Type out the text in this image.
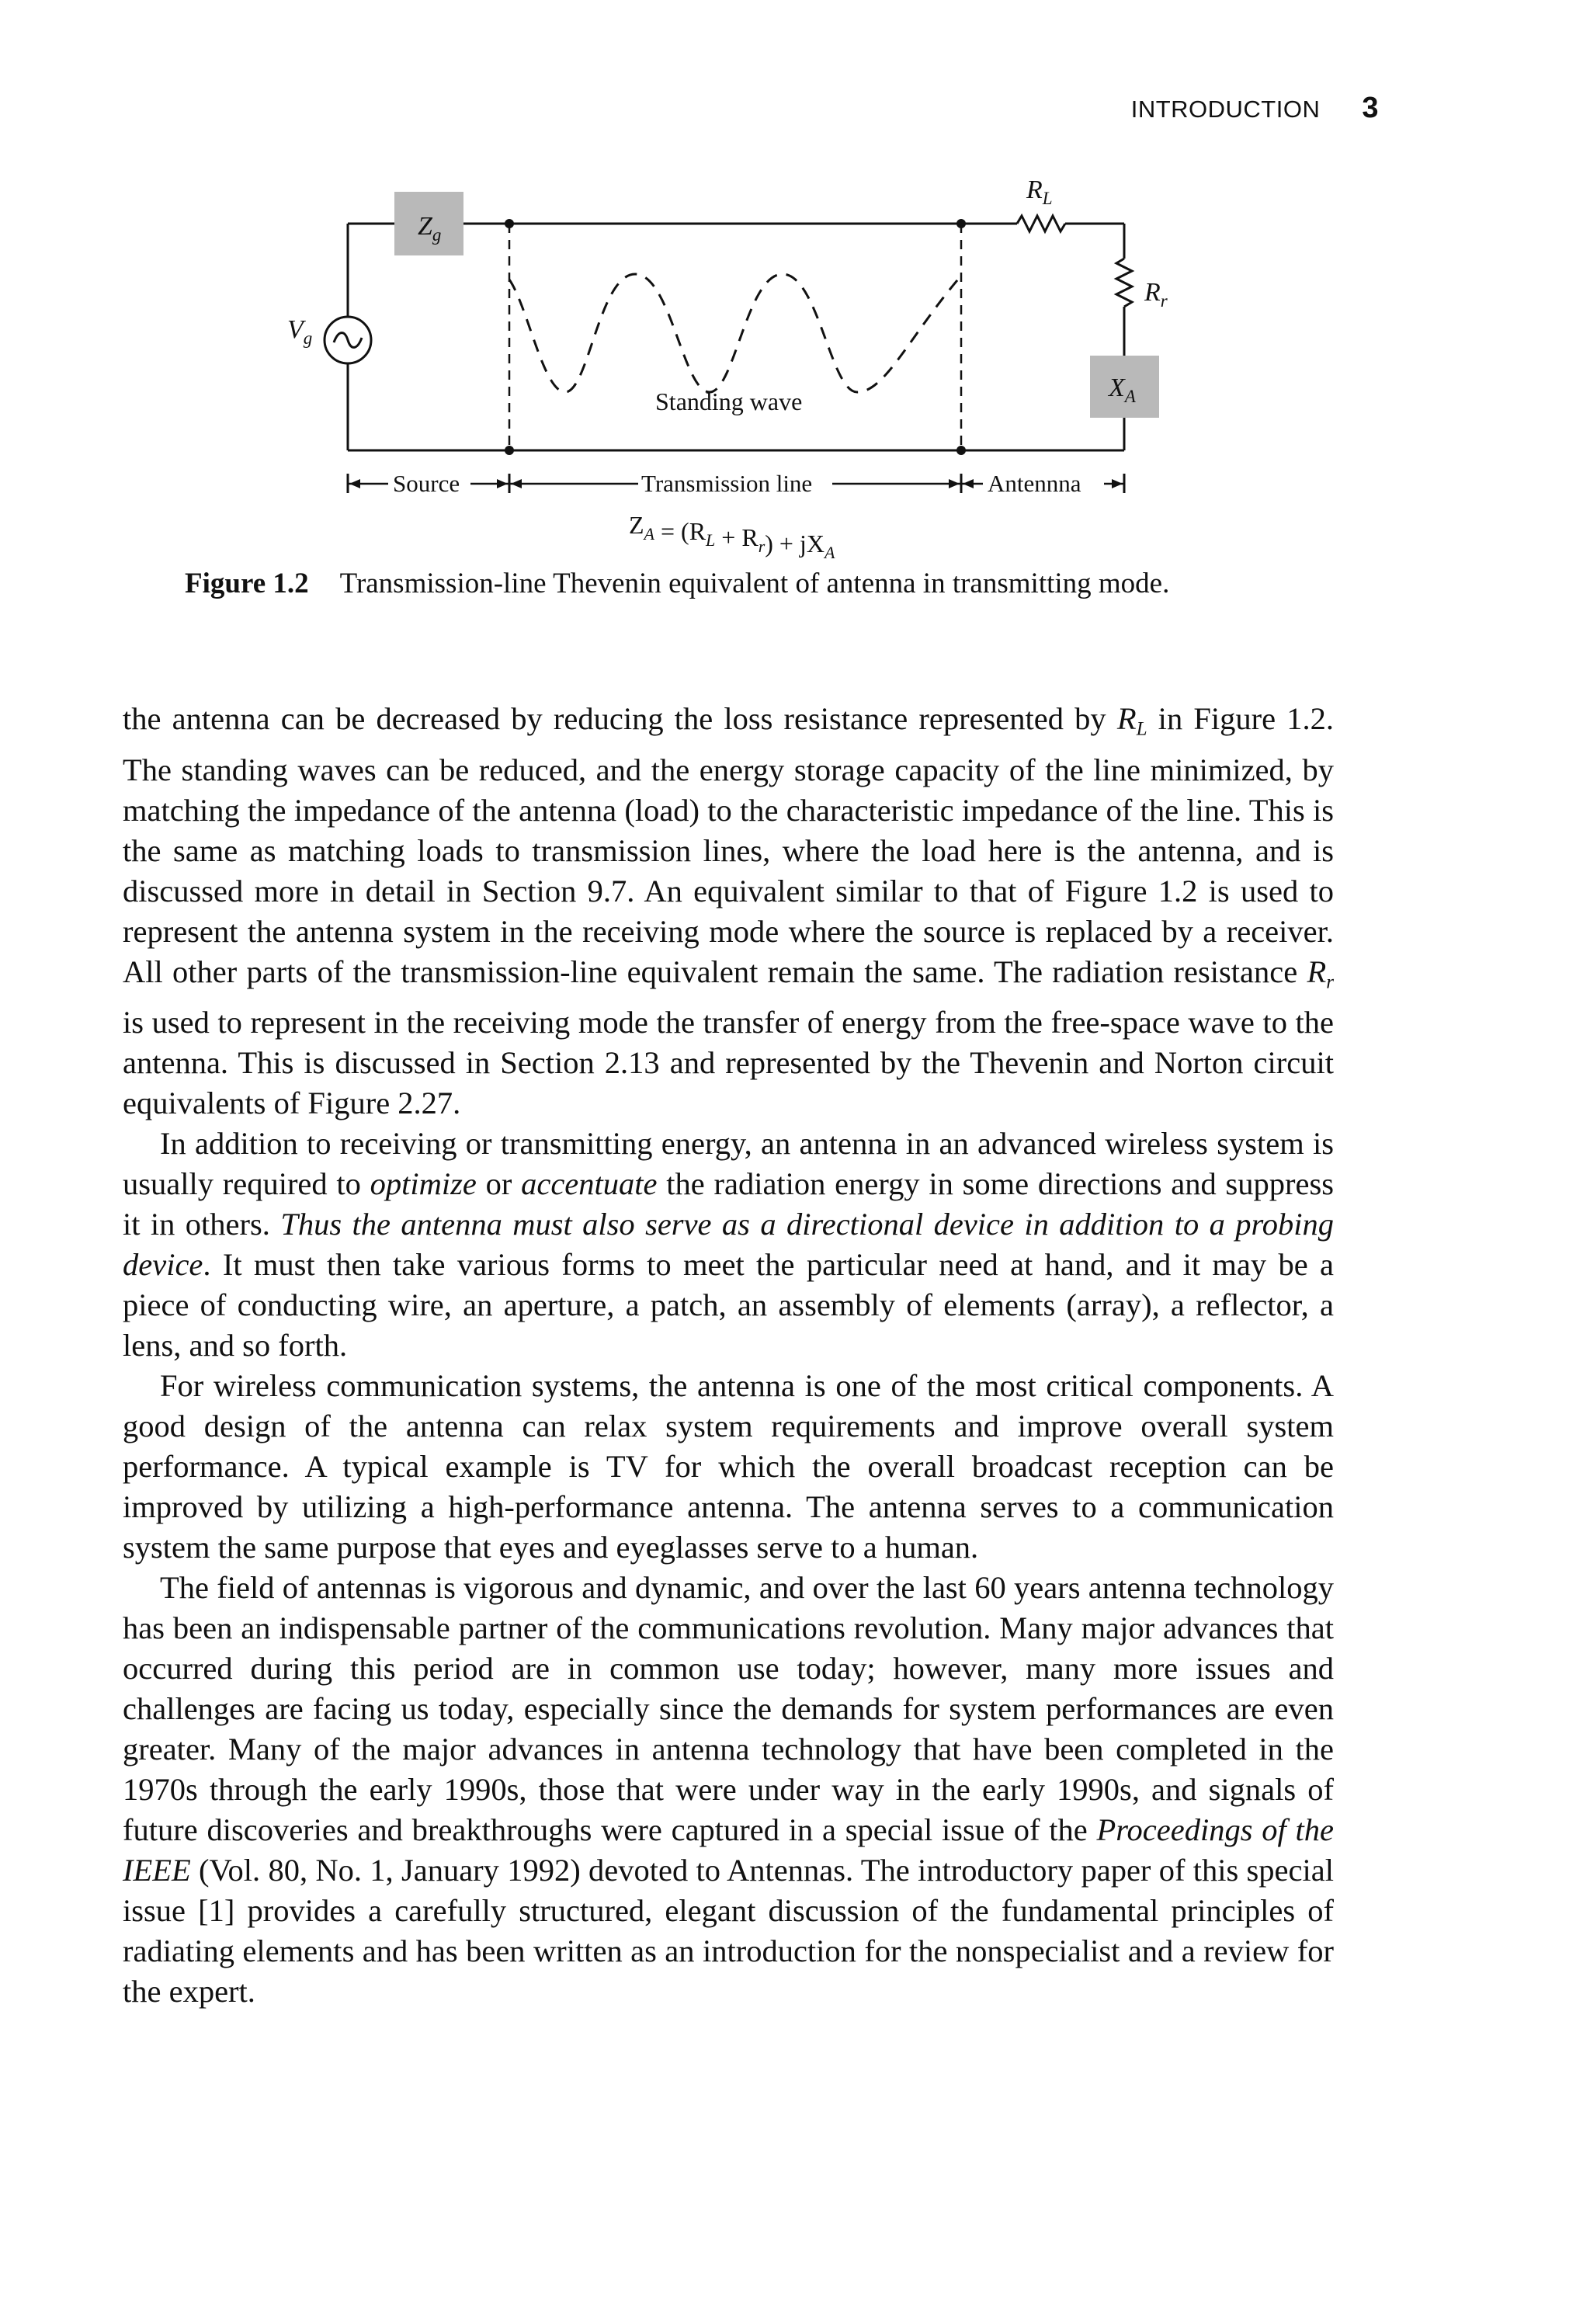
INTRODUCTION 3
$Z_g$
$X_A$
$V_g$
$R_L$
$R_r$
Standing wave
Source	Transmission line	Antennna
$Z_A = (R_L + R_r) + jX_A$
Figure 1.2 Transmission-line Thevenin equivalent of antenna in transmitting mode.

the antenna can be decreased by reducing the loss resistance represented by $R_L$ in Figure 1.2. The standing waves can be reduced, and the energy storage capacity of the line minimized, by matching the impedance of the antenna (load) to the characteristic impedance of the line. This is the same as matching loads to transmission lines, where the load here is the antenna, and is discussed more in detail in Section 9.7. An equivalent similar to that of Figure 1.2 is used to represent the antenna system in the receiving mode where the source is replaced by a receiver. All other parts of the transmission-line equivalent remain the same. The radiation resistance $R_r$ is used to represent in the receiving mode the transfer of energy from the free-space wave to the antenna. This is discussed in Section 2.13 and represented by the Thevenin and Norton circuit equivalents of Figure 2.27.

In addition to receiving or transmitting energy, an antenna in an advanced wireless system is usually required to optimize or accentuate the radiation energy in some directions and suppress it in others. Thus the antenna must also serve as a directional device in addition to a probing device. It must then take various forms to meet the particular need at hand, and it may be a piece of conducting wire, an aperture, a patch, an assembly of elements (array), a reflector, a lens, and so forth.

For wireless communication systems, the antenna is one of the most critical components. A good design of the antenna can relax system requirements and improve overall system performance. A typical example is TV for which the overall broadcast reception can be improved by utilizing a high-performance antenna. The antenna serves to a communication system the same purpose that eyes and eyeglasses serve to a human.

The field of antennas is vigorous and dynamic, and over the last 60 years antenna technology has been an indispensable partner of the communications revolution. Many major advances that occurred during this period are in common use today; however, many more issues and challenges are facing us today, especially since the demands for system performances are even greater. Many of the major advances in antenna technology that have been completed in the 1970s through the early 1990s, those that were under way in the early 1990s, and signals of future discoveries and breakthroughs were captured in a special issue of the Proceedings of the IEEE (Vol. 80, No. 1, January 1992) devoted to Antennas. The introductory paper of this special issue [1] provides a carefully structured, elegant discussion of the fundamental principles of radiating elements and has been written as an introduction for the nonspecialist and a review for the expert.
